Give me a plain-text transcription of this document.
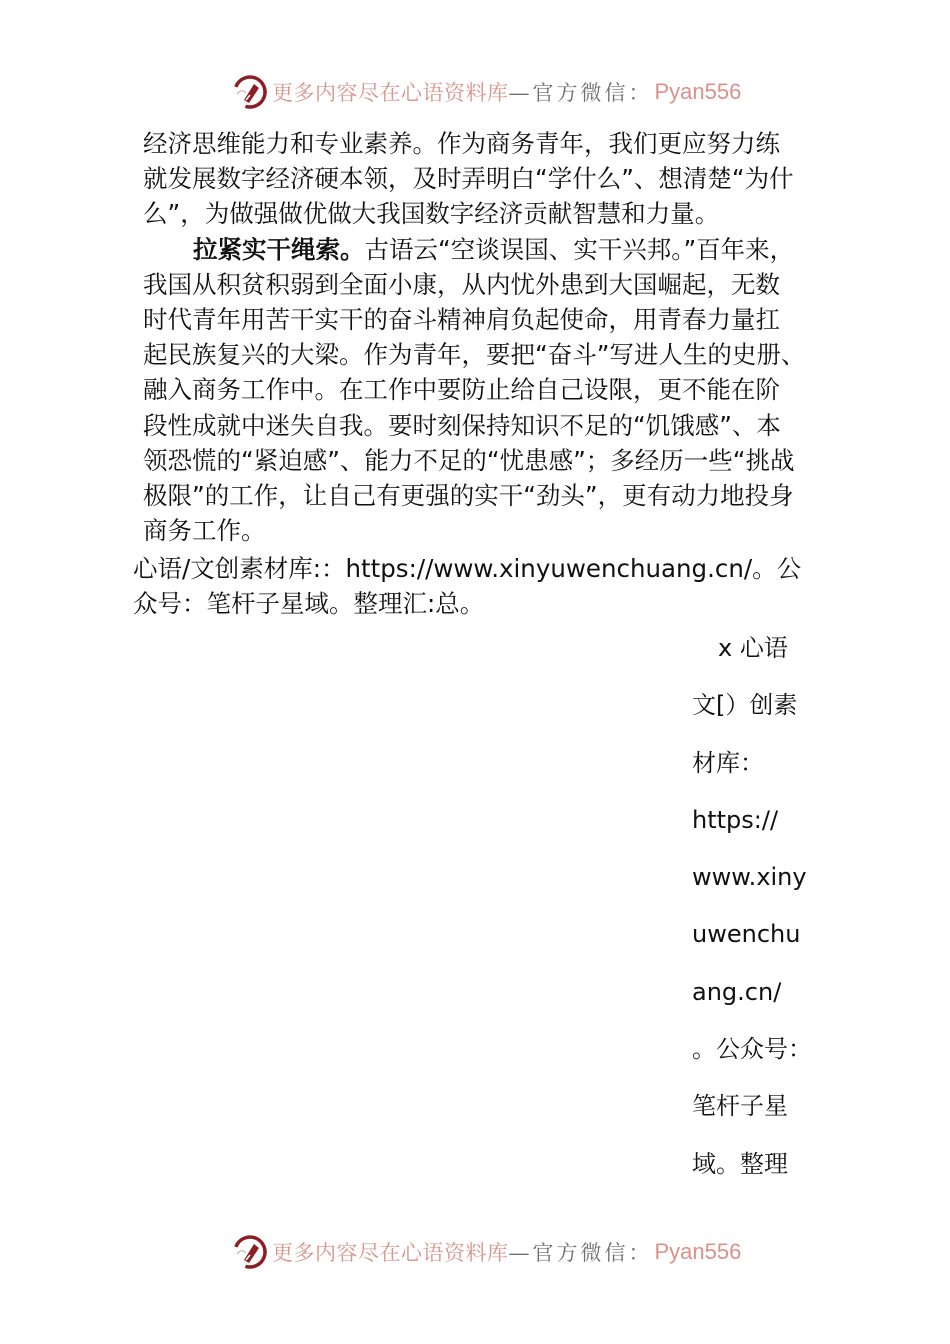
更多内容尽在心语资料库 —官方微信： Pyan556
经济思维能力和专业素养。作为商务青年，我们更应努力练
就发展数字经济硬本领，及时弄明白“学什么”、想清楚“为什
么”，为做强做优做大我国数字经济贡献智慧和力量。
拉紧实干绳索。古语云“空谈误国、实干兴邦。”百年来，
我国从积贫积弱到全面小康，从内忧外患到大国崛起，无数
时代青年用苦干实干的奋斗精神肩负起使命，用青春力量扛
起民族复兴的大梁。作为青年，要把“奋斗”写进人生的史册、
融入商务工作中。在工作中要防止给自己设限，更不能在阶
段性成就中迷失自我。要时刻保持知识不足的“饥饿感”、本
领恐慌的“紧迫感”、能力不足的“忧患感”；多经历一些“挑战
极限”的工作，让自己有更强的实干“劲头”，更有动力地投身
商务工作。
心语/文创素材库:：https://www.xinyuwenchuang.cn/。公
众号：笔杆子星域。整理汇:总。
x 心语
文[）创素
材库：
https://
www.xiny
uwenchu
ang.cn/
。公众号：
笔杆子星
域。整理
更多内容尽在心语资料库 —官方微信： Pyan556
